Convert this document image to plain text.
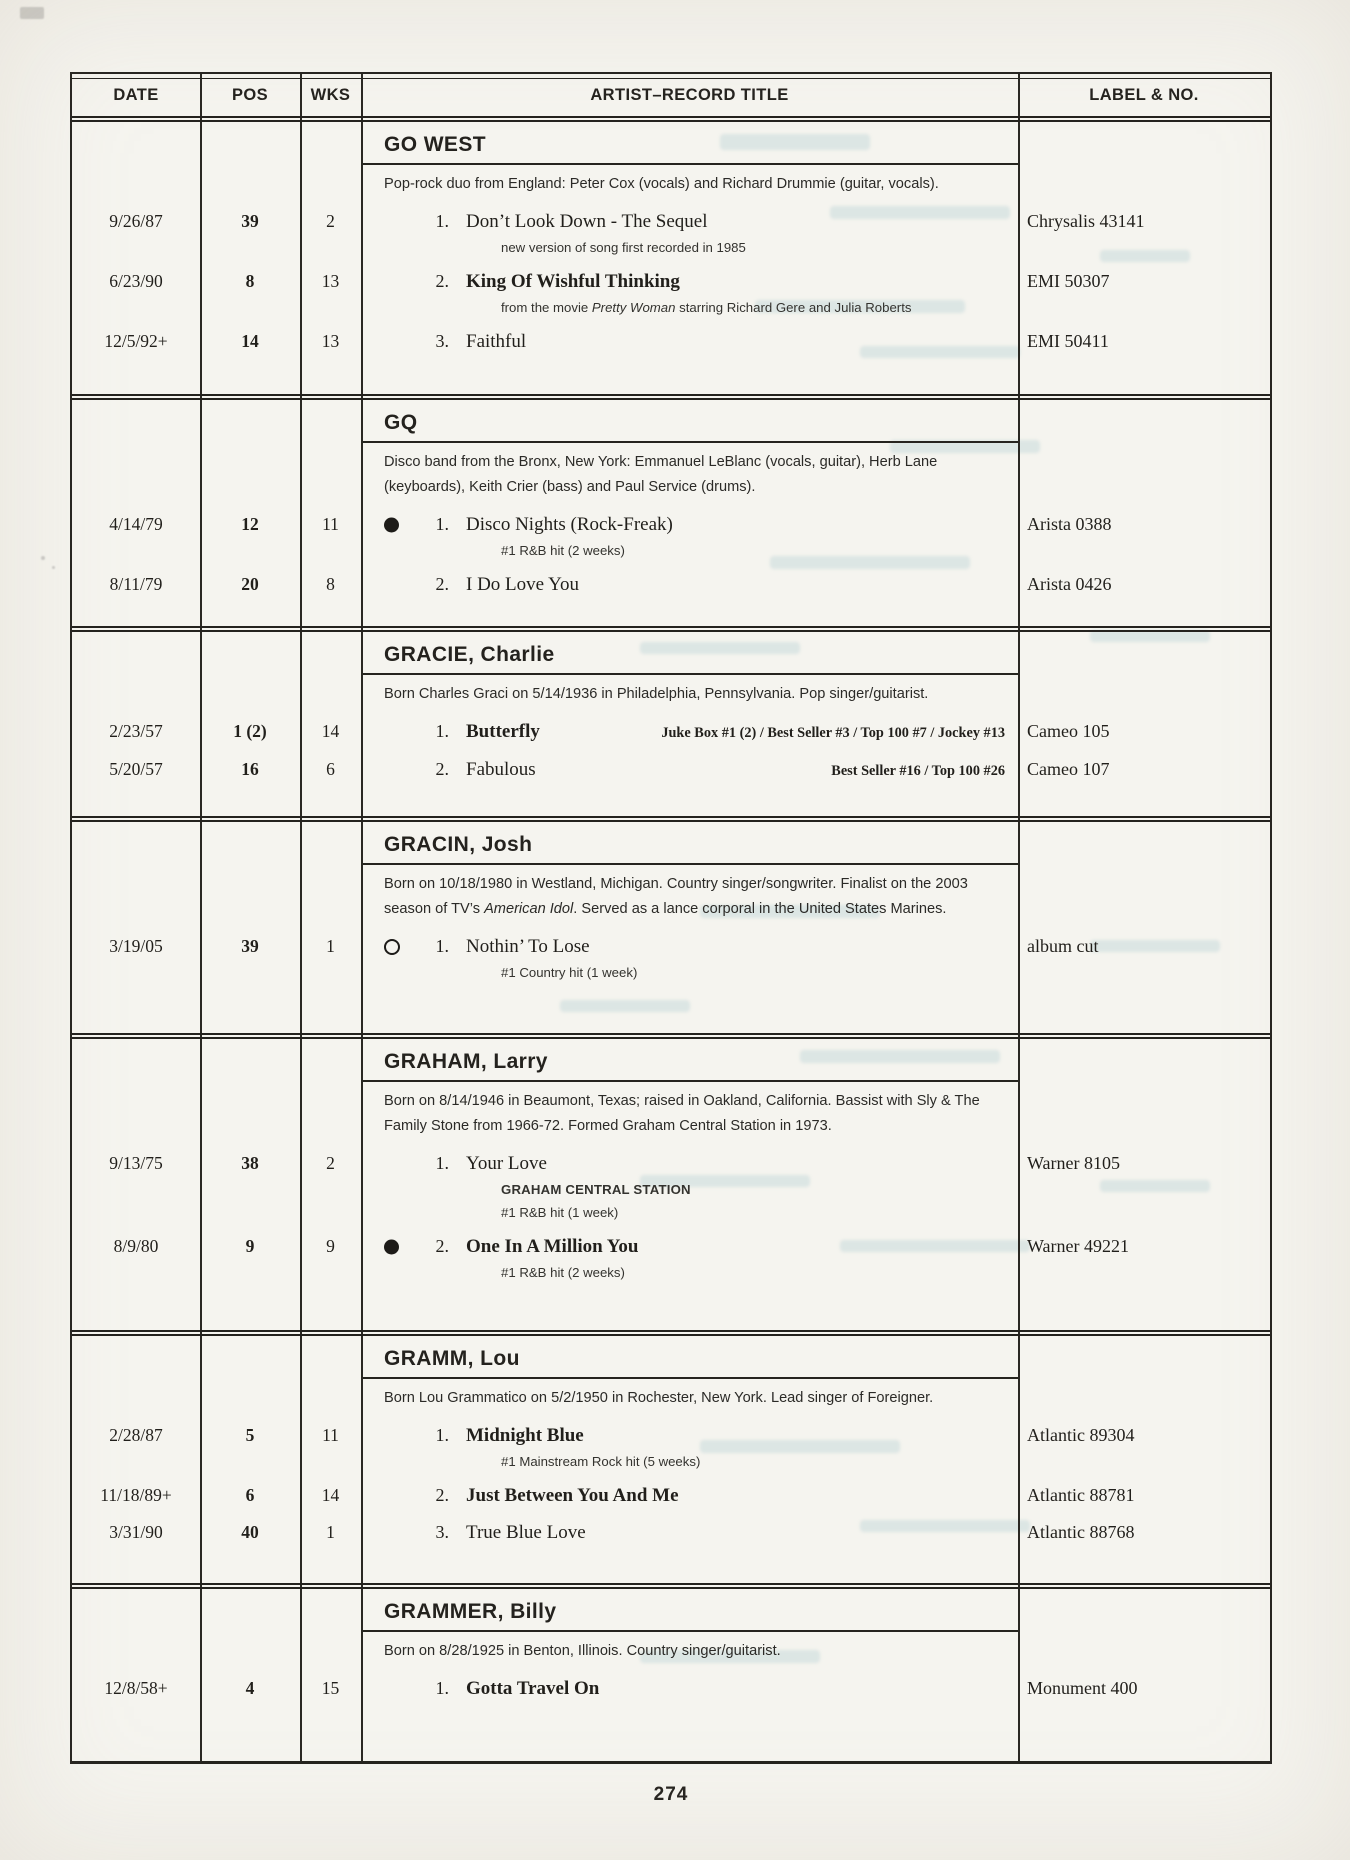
DATE	POS	WKS	ARTIST–RECORD TITLE	LABEL & NO.
GO WEST

Pop-rock duo from England: Peter Cox (vocals) and Richard Drummie (guitar, vocals).

9/26/87	39	2	1. Don’t Look Down - The Sequel	Chrysalis 43141

new version of song first recorded in 1985

6/23/90	8	13	2. King Of Wishful Thinking	EMI 50307

from the movie Pretty Woman starring Richard Gere and Julia Roberts

12/5/92+	14	13	3. Faithful	EMI 50411
GQ

Disco band from the Bronx, New York: Emmanuel LeBlanc (vocals, guitar), Herb Lane (keyboards), Keith Crier (bass) and Paul Service (drums).

4/14/79	12	11	1. Disco Nights (Rock-Freak)	Arista 0388

#1 R&B hit (2 weeks)

8/11/79	20	8	2. I Do Love You	Arista 0426
GRACIE, Charlie

Born Charles Graci on 5/14/1936 in Philadelphia, Pennsylvania. Pop singer/guitarist.

2/23/57	1 (2)	14	1. Butterfly	Juke Box #1 (2) / Best Seller #3 / Top 100 #7 / Jockey #13	Cameo 105
5/20/57	16	6	2. Fabulous	Best Seller #16 / Top 100 #26	Cameo 107
GRACIN, Josh

Born on 10/18/1980 in Westland, Michigan. Country singer/songwriter. Finalist on the 2003 season of TV’s American Idol. Served as a lance corporal in the United States Marines.

3/19/05	39	1	1. Nothin’ To Lose	album cut

#1 Country hit (1 week)

GRAHAM, Larry

Born on 8/14/1946 in Beaumont, Texas; raised in Oakland, California. Bassist with Sly & The Family Stone from 1966-72. Formed Graham Central Station in 1973.

9/13/75	38	2	1. Your Love	Warner 8105

GRAHAM CENTRAL STATION

#1 R&B hit (1 week)

8/9/80	9	9	2. One In A Million You	Warner 49221

#1 R&B hit (2 weeks)

GRAMM, Lou

Born Lou Grammatico on 5/2/1950 in Rochester, New York. Lead singer of Foreigner.

2/28/87	5	11	1. Midnight Blue	Atlantic 89304

#1 Mainstream Rock hit (5 weeks)

11/18/89+	6	14	2. Just Between You And Me	Atlantic 88781
3/31/90	40	1	3. True Blue Love	Atlantic 88768
GRAMMER, Billy

Born on 8/28/1925 in Benton, Illinois. Country singer/guitarist.

12/8/58+	4	15	1. Gotta Travel On	Monument 400
274
